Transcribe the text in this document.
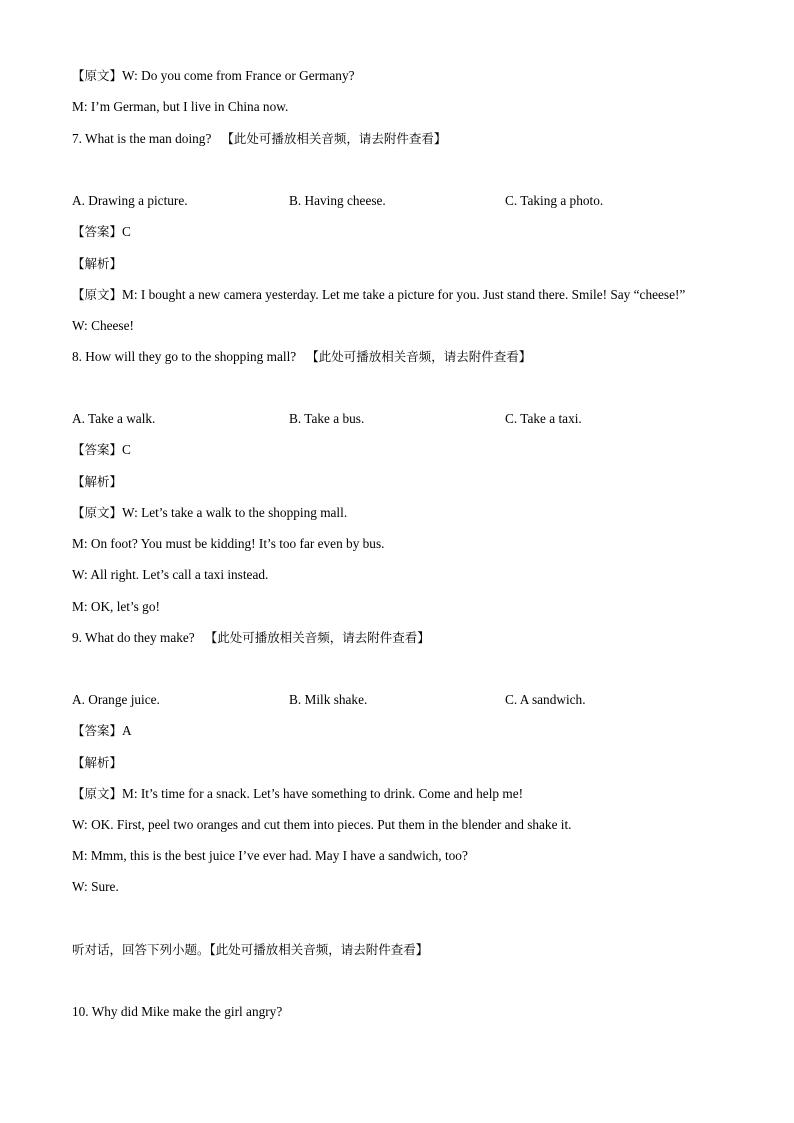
【原文】W: Do you come from France or Germany?
M: I’m German, but I live in China now.
7. What is the man doing? 【此处可播放相关音频，请去附件查看】
A. Drawing a picture.	B. Having cheese.	C. Taking a photo.
【答案】C
【解析】
【原文】M: I bought a new camera yesterday. Let me take a picture for you. Just stand there. Smile! Say “cheese!”
W: Cheese!
8. How will they go to the shopping mall? 【此处可播放相关音频，请去附件查看】
A. Take a walk.	B. Take a bus.	C. Take a taxi.
【答案】C
【解析】
【原文】W: Let’s take a walk to the shopping mall.
M: On foot? You must be kidding! It’s too far even by bus.
W: All right. Let’s call a taxi instead.
M: OK, let’s go!
9. What do they make? 【此处可播放相关音频，请去附件查看】
A. Orange juice.	B. Milk shake.	C. A sandwich.
【答案】A
【解析】
【原文】M: It’s time for a snack. Let’s have something to drink. Come and help me!
W: OK. First, peel two oranges and cut them into pieces. Put them in the blender and shake it.
M: Mmm, this is the best juice I’ve ever had. May I have a sandwich, too?
W: Sure.
听对话，回答下列小题。【此处可播放相关音频，请去附件查看】
10. Why did Mike make the girl angry?
